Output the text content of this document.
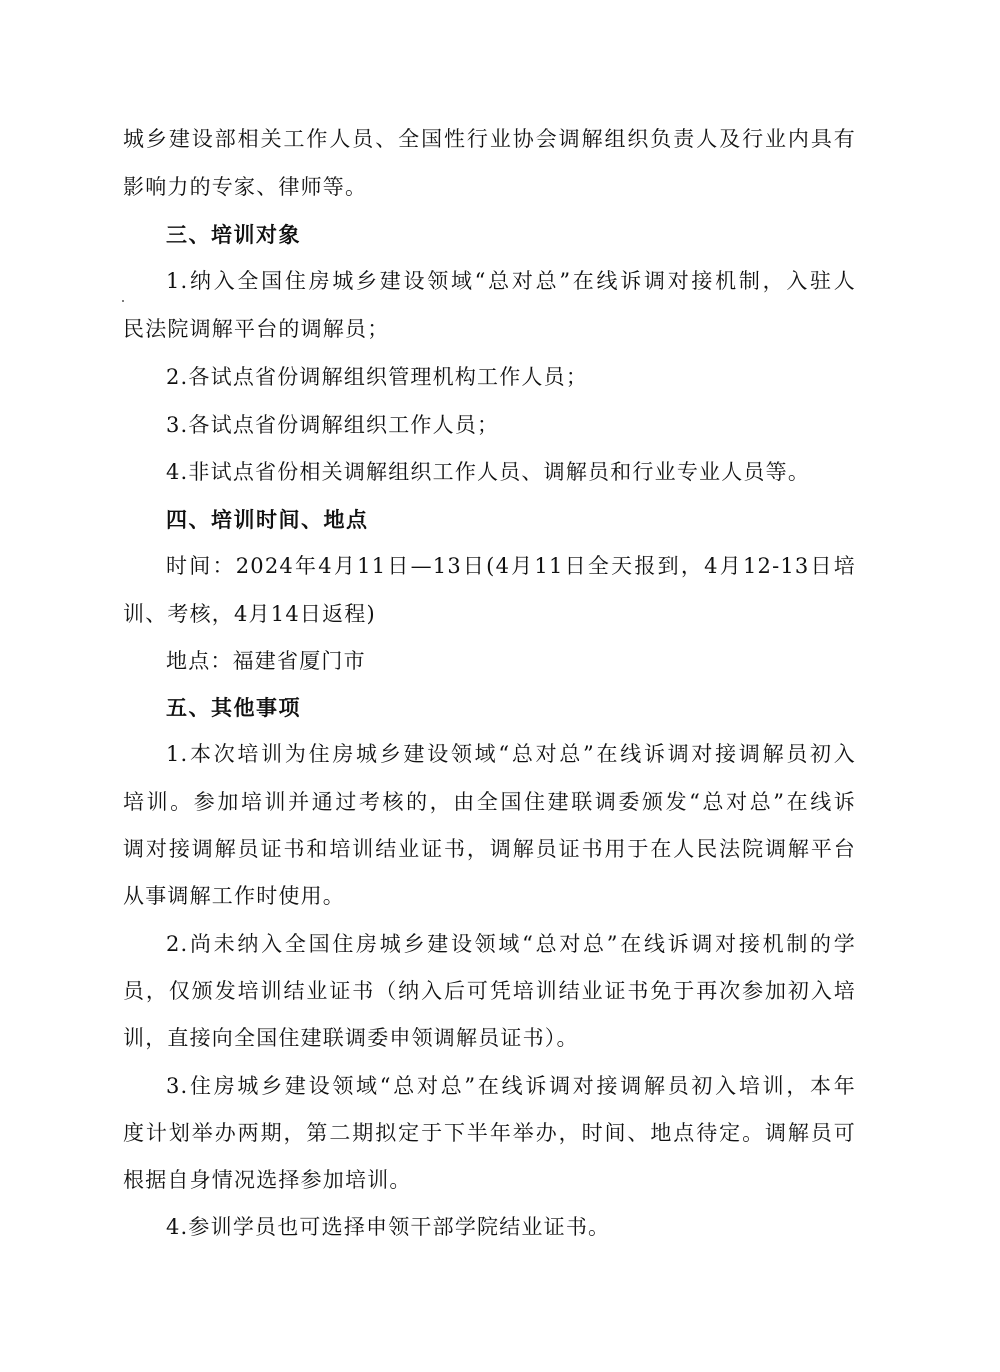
城乡建设部相关工作人员、全国性行业协会调解组织负责人及行业内具有
影响力的专家、律师等。
三、培训对象
1.纳入全国住房城乡建设领域“总对总”在线诉调对接机制，入驻人
民法院调解平台的调解员；
2.各试点省份调解组织管理机构工作人员；
3.各试点省份调解组织工作人员；
4.非试点省份相关调解组织工作人员、调解员和行业专业人员等。
四、培训时间、地点
时间：2024年4月11日—13日(4月11日全天报到，4月12-13日培
训、考核，4月14日返程)
地点：福建省厦门市
五、其他事项
1.本次培训为住房城乡建设领域“总对总”在线诉调对接调解员初入
培训。参加培训并通过考核的，由全国住建联调委颁发“总对总”在线诉
调对接调解员证书和培训结业证书，调解员证书用于在人民法院调解平台
从事调解工作时使用。
2.尚未纳入全国住房城乡建设领域“总对总”在线诉调对接机制的学
员，仅颁发培训结业证书（纳入后可凭培训结业证书免于再次参加初入培
训，直接向全国住建联调委申领调解员证书）。
3.住房城乡建设领域“总对总”在线诉调对接调解员初入培训，本年
度计划举办两期，第二期拟定于下半年举办，时间、地点待定。调解员可
根据自身情况选择参加培训。
4.参训学员也可选择申领干部学院结业证书。
